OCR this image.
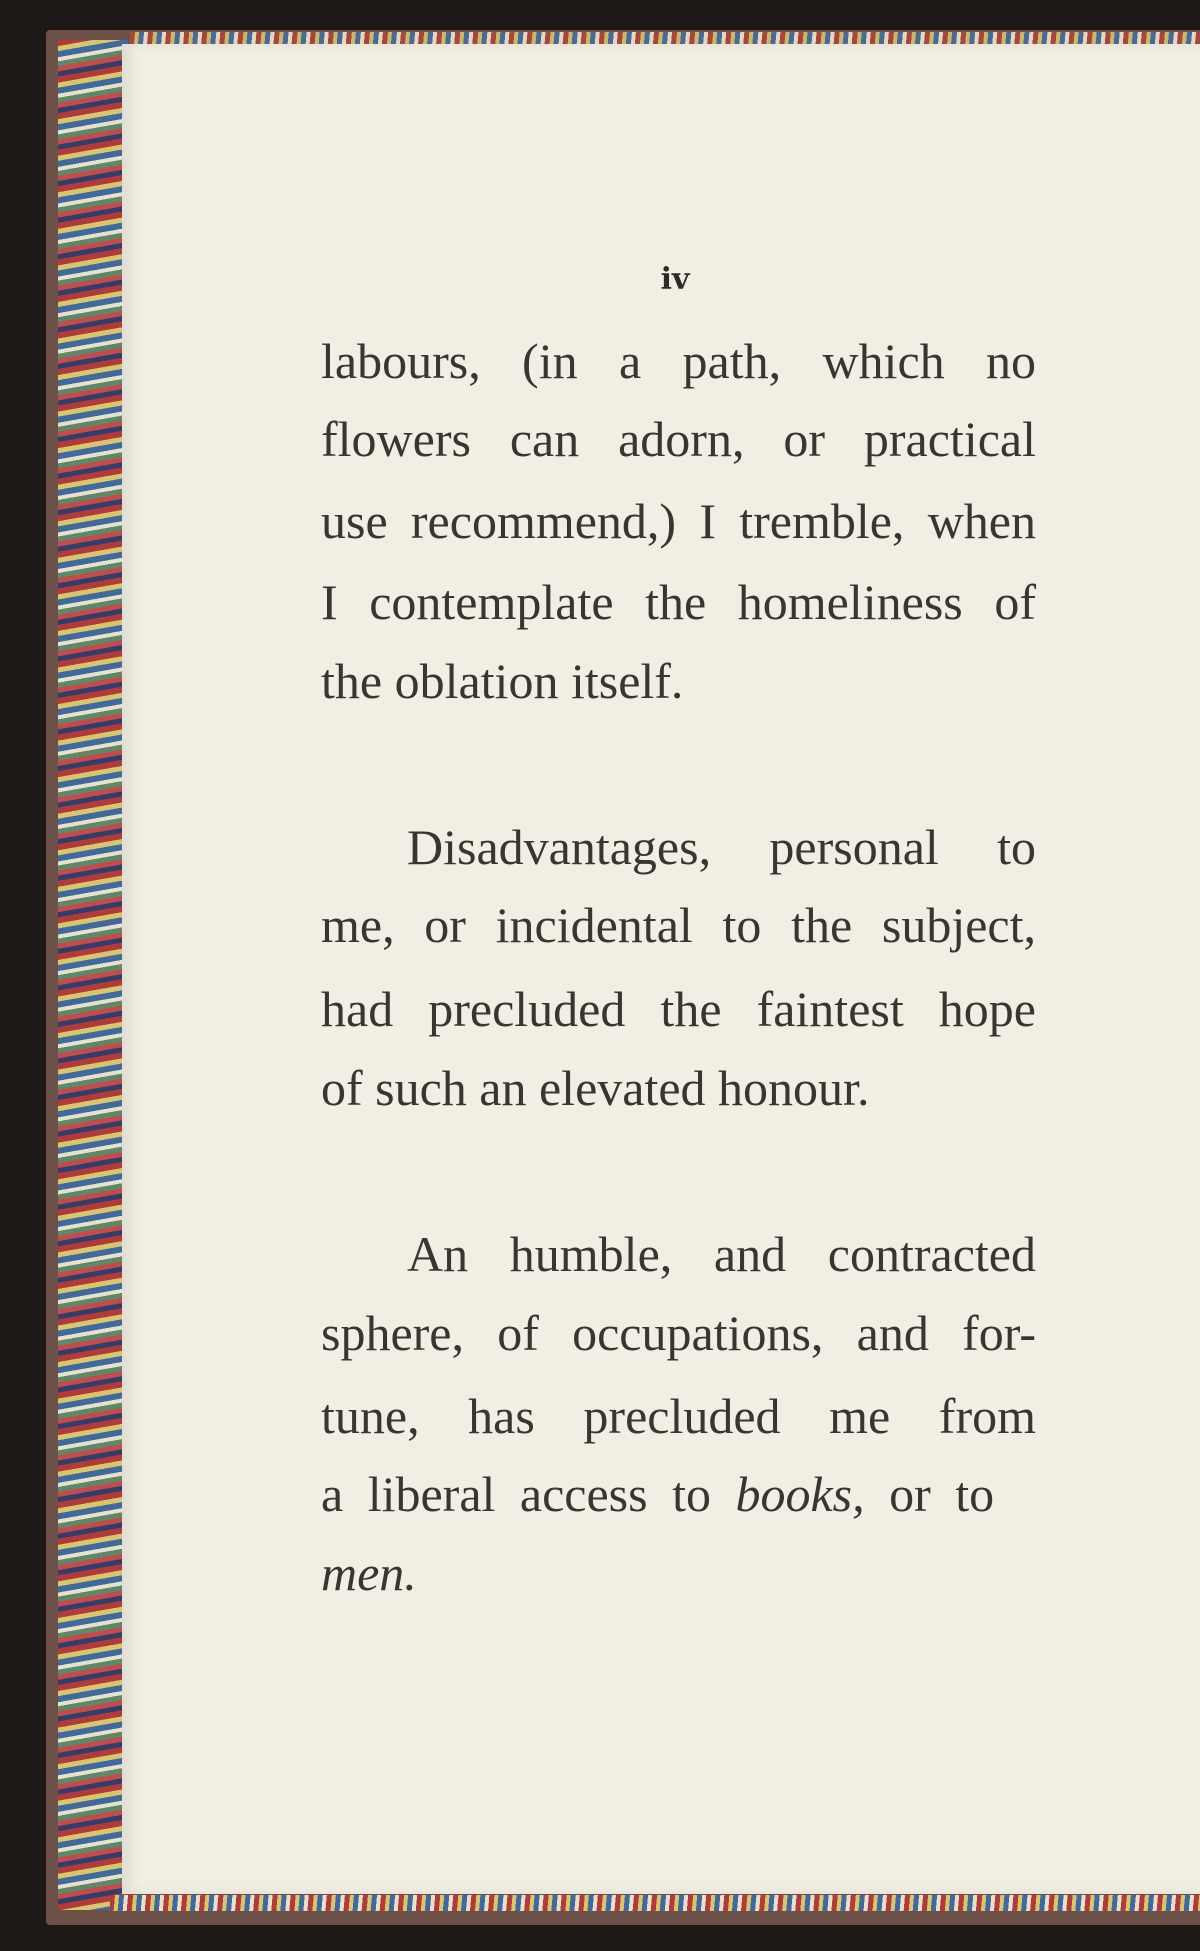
iv
labours, (in a path, which no
flowers can adorn, or practical
use recommend,) I tremble, when
I contemplate the homeliness of
the oblation itself.
Disadvantages, personal to
me, or incidental to the subject,
had precluded the faintest hope
of such an elevated honour.
An humble, and contracted
sphere, of occupations, and for-
tune, has precluded me from
a liberal access to books, or to
men.
